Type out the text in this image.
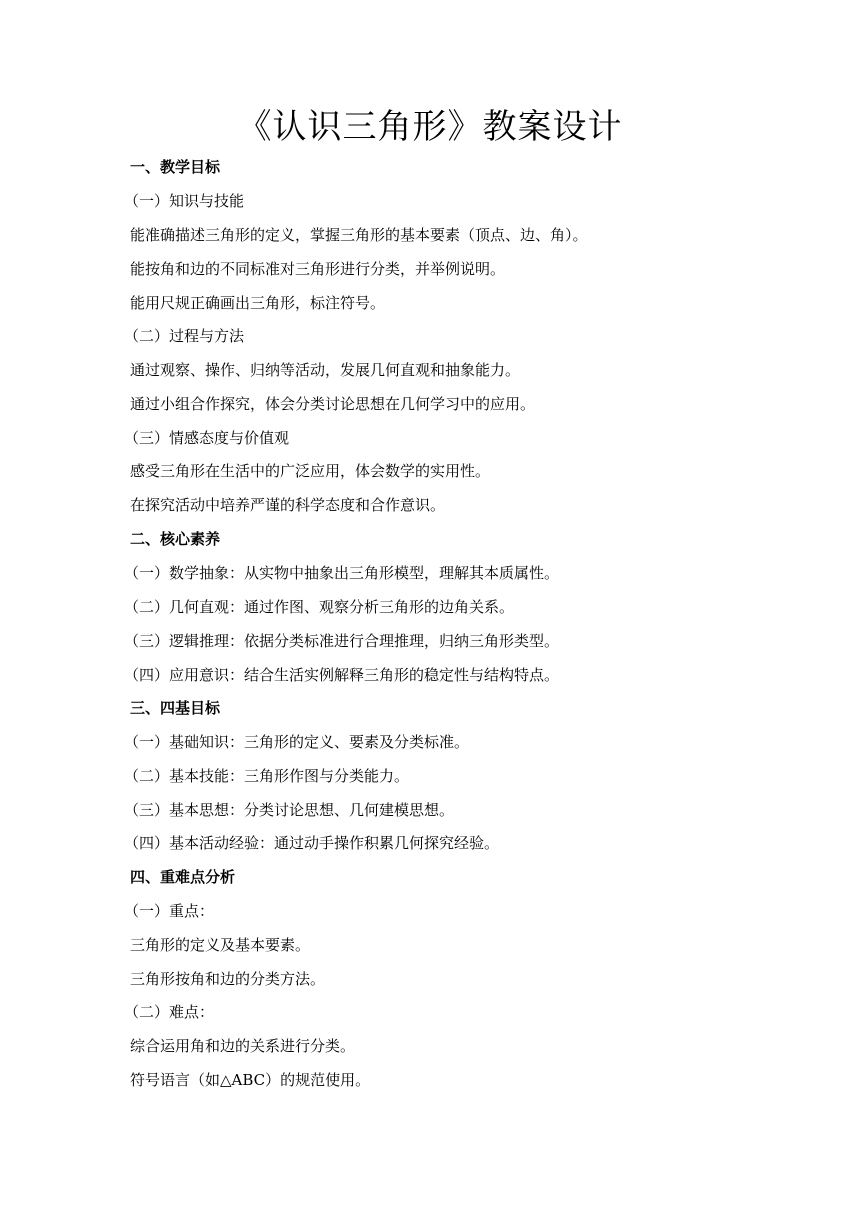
《认识三角形》教案设计
一、教学目标
（一）知识与技能
能准确描述三角形的定义，掌握三角形的基本要素（顶点、边、角）。
能按角和边的不同标准对三角形进行分类，并举例说明。
能用尺规正确画出三角形，标注符号。
（二）过程与方法
通过观察、操作、归纳等活动，发展几何直观和抽象能力。
通过小组合作探究，体会分类讨论思想在几何学习中的应用。
（三）情感态度与价值观
感受三角形在生活中的广泛应用，体会数学的实用性。
在探究活动中培养严谨的科学态度和合作意识。
二、核心素养
（一）数学抽象：从实物中抽象出三角形模型，理解其本质属性。
（二）几何直观：通过作图、观察分析三角形的边角关系。
（三）逻辑推理：依据分类标准进行合理推理，归纳三角形类型。
（四）应用意识：结合生活实例解释三角形的稳定性与结构特点。
三、四基目标
（一）基础知识：三角形的定义、要素及分类标准。
（二）基本技能：三角形作图与分类能力。
（三）基本思想：分类讨论思想、几何建模思想。
（四）基本活动经验：通过动手操作积累几何探究经验。
四、重难点分析
（一）重点：
三角形的定义及基本要素。
三角形按角和边的分类方法。
（二）难点：
综合运用角和边的关系进行分类。
符号语言（如△ABC）的规范使用。
